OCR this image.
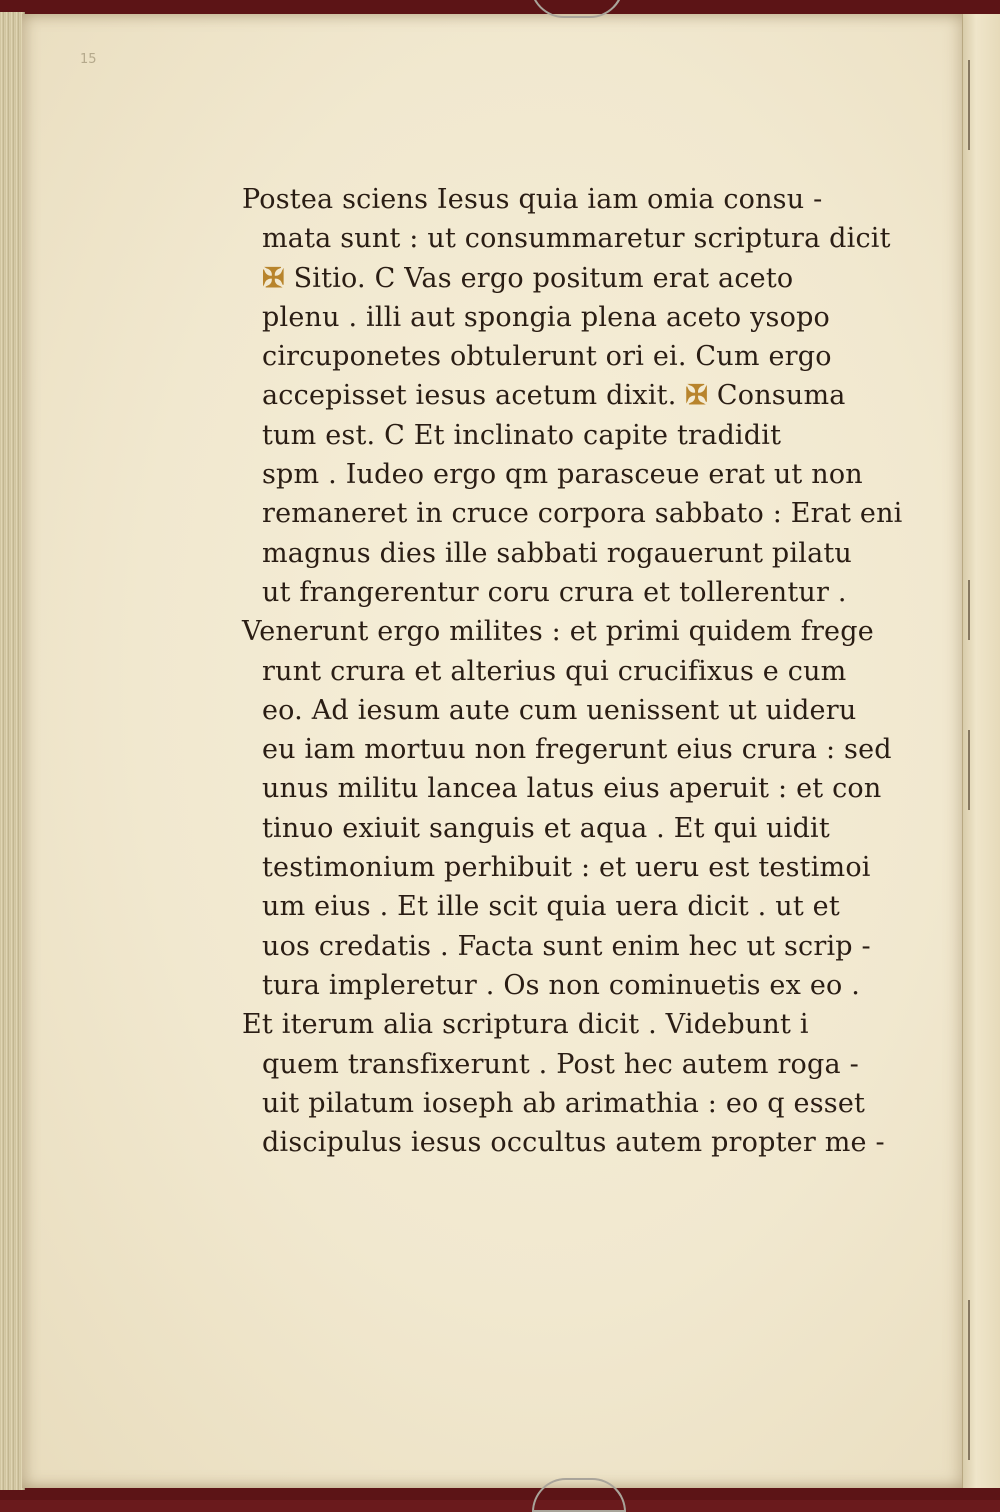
15
Postea sciens Iesus quia iam omia consu -
mata sunt : ut consummaretur scriptura dicit
✠ Sitio. C Vas ergo positum erat aceto
plenu . illi aut spongia plena aceto ysopo
circuponetes obtulerunt ori ei. Cum ergo
accepisset iesus acetum dixit. ✠ Consuma
tum est. C Et inclinato capite tradidit
spm . Iudeo ergo qm parasceue erat ut non
remaneret in cruce corpora sabbato : Erat eni
magnus dies ille sabbati rogauerunt pilatu
ut frangerentur coru crura et tollerentur .
Venerunt ergo milites : et primi quidem frege
runt crura et alterius qui crucifixus e cum
eo. Ad iesum aute cum uenissent ut uideru
eu iam mortuu non fregerunt eius crura : sed
unus militu lancea latus eius aperuit : et con
tinuo exiuit sanguis et aqua . Et qui uidit
testimonium perhibuit : et ueru est testimoi
um eius . Et ille scit quia uera dicit . ut et
uos credatis . Facta sunt enim hec ut scrip -
tura impleretur . Os non cominuetis ex eo .
Et iterum alia scriptura dicit . Videbunt i
quem transfixerunt . Post hec autem roga -
uit pilatum ioseph ab arimathia : eo q esset
discipulus iesus occultus autem propter me -
